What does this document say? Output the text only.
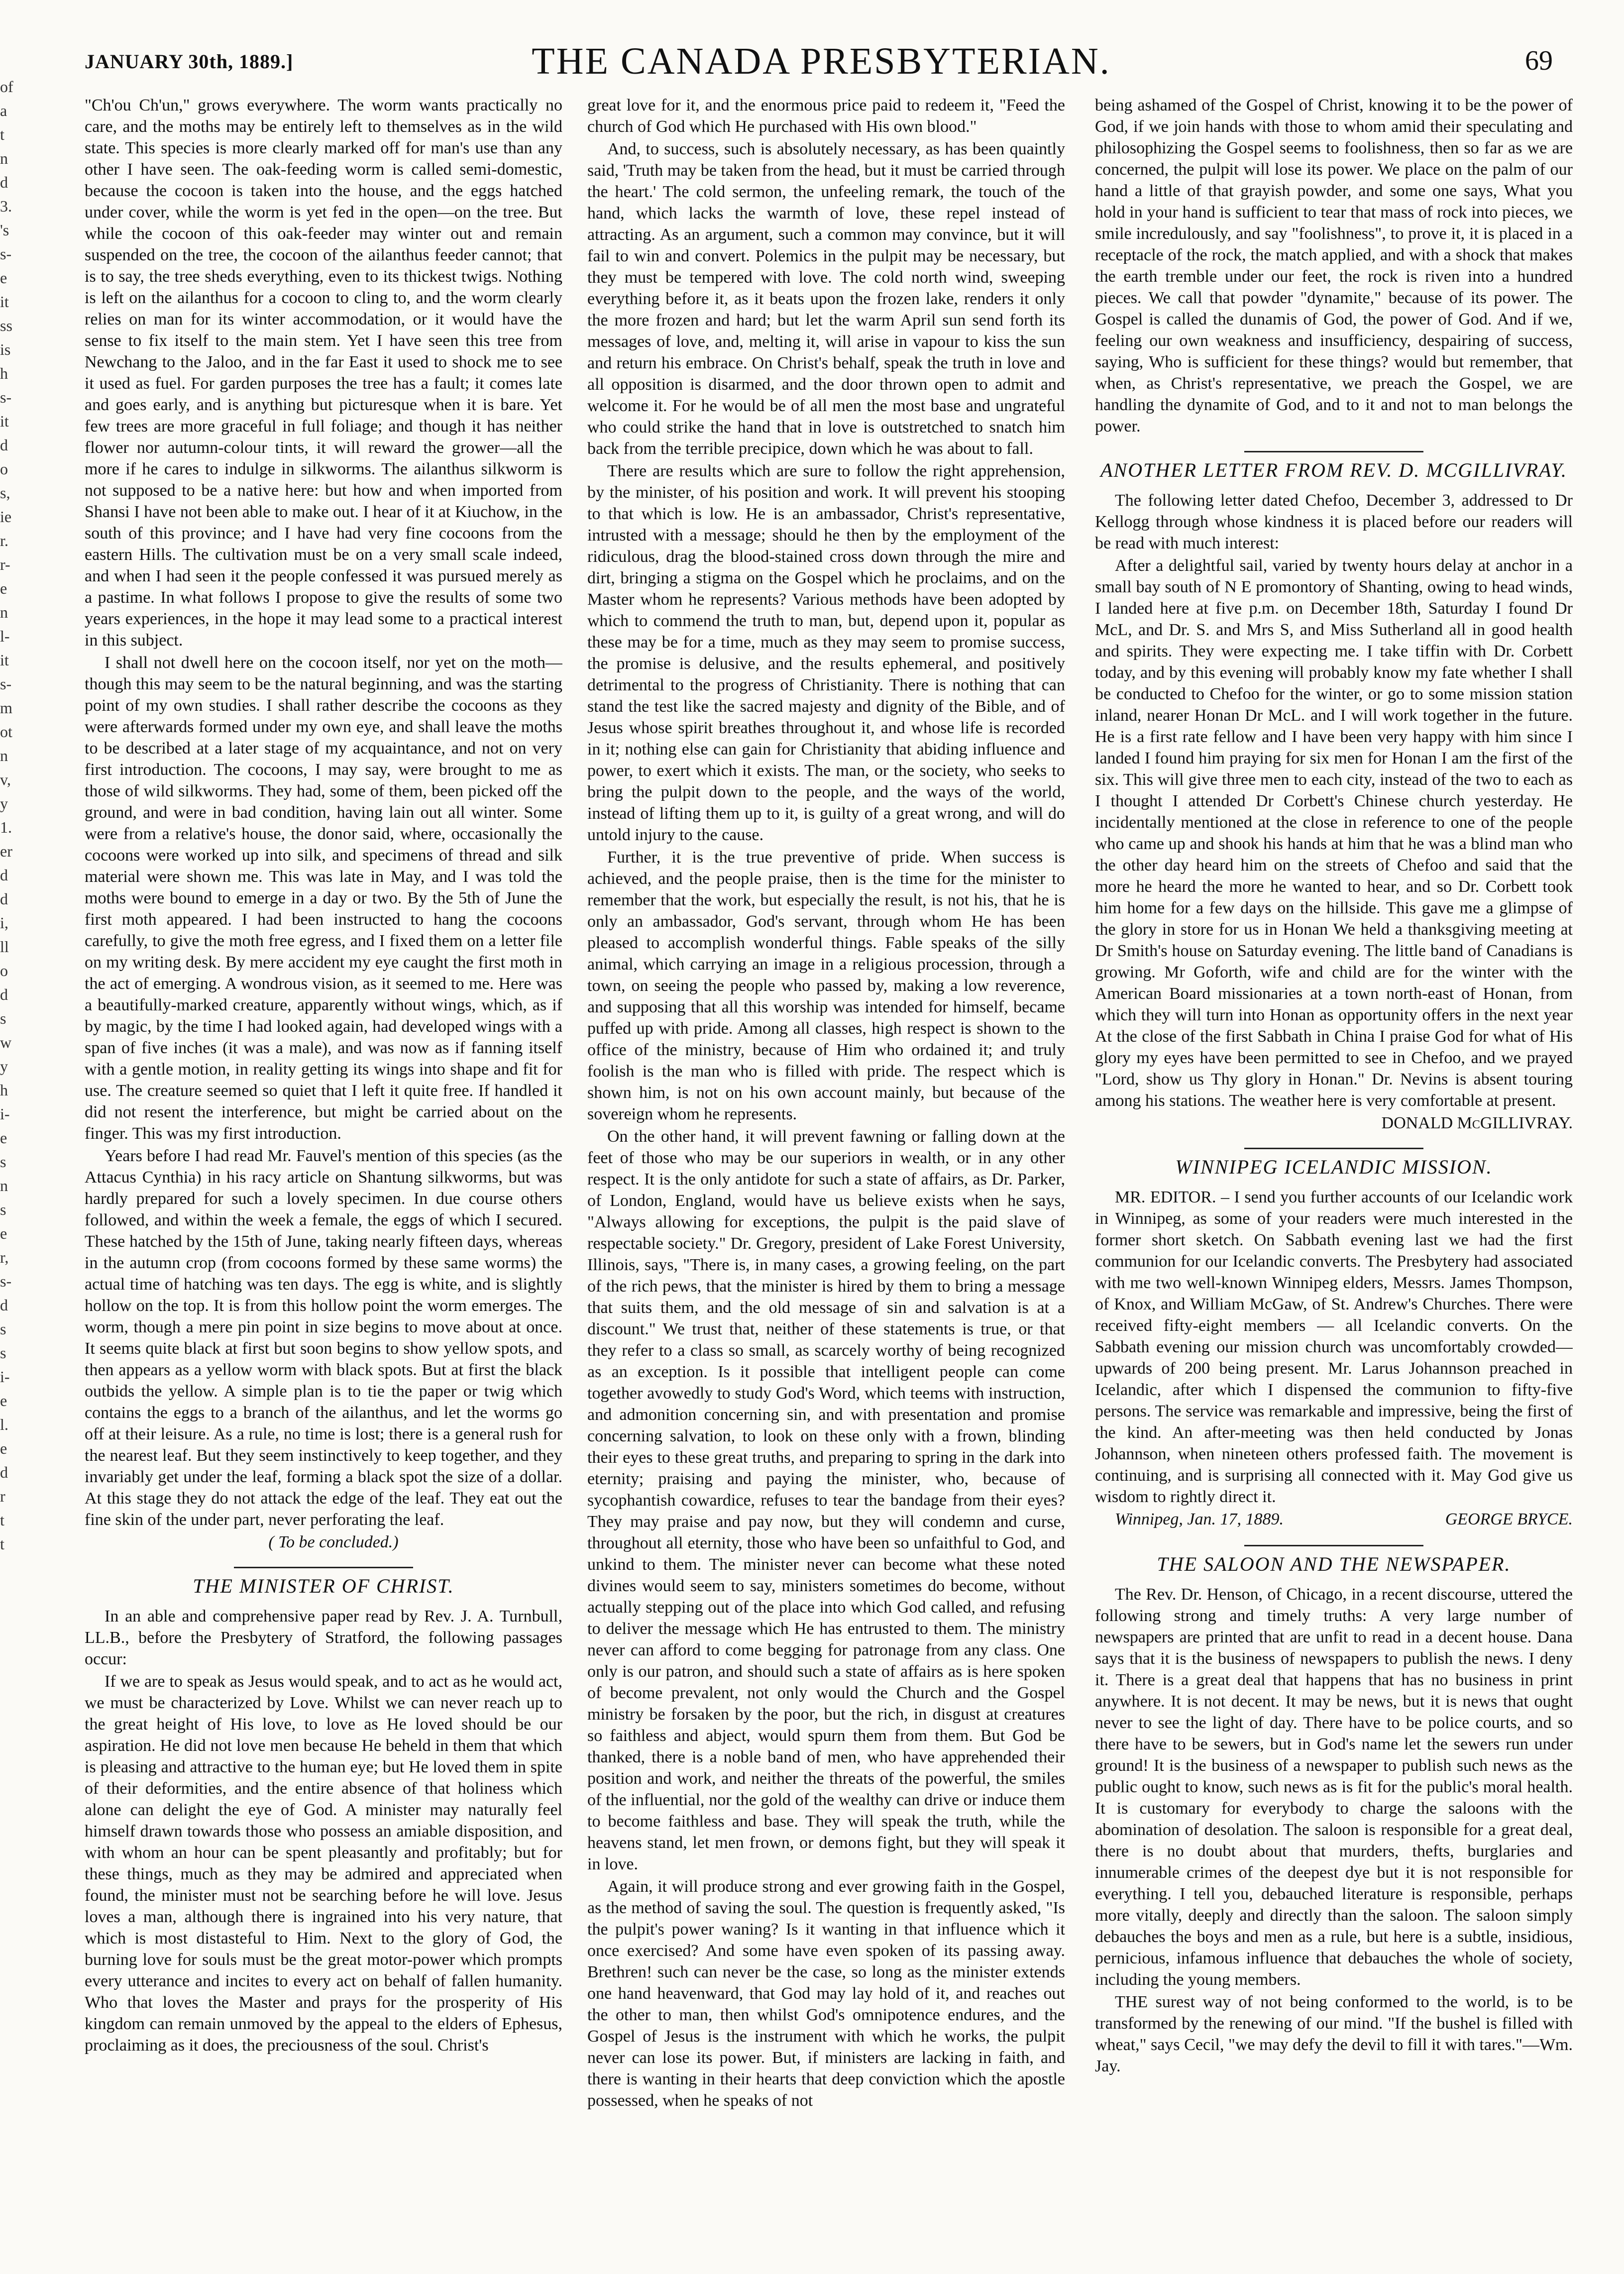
JANUARY 30th, 1889.]	THE CANADA PRESBYTERIAN.	69
of
a
t
n
d
3.
's
s-
e
it
ss
is
h
s-
it
d
o
s,
ie
r.
r-
e
n
l-
it
s-
m
ot
n
v,
y
1.
er
d
d
i,
ll
o
d
s
w
y
h
i-
e
s
n
s
e
r,
s-
d
s
s
i-
e
l.
e
d
r
t
t

"Ch'ou Ch'un," grows everywhere. The worm wants practically no care, and the moths may be entirely left to themselves as in the wild state. This species is more clearly marked off for man's use than any other I have seen. The oak-feeding worm is called semi-domestic, because the cocoon is taken into the house, and the eggs hatched under cover, while the worm is yet fed in the open—on the tree. But while the cocoon of this oak-feeder may winter out and remain suspended on the tree, the cocoon of the ailanthus feeder cannot; that is to say, the tree sheds everything, even to its thickest twigs. Nothing is left on the ailanthus for a cocoon to cling to, and the worm clearly relies on man for its winter accommodation, or it would have the sense to fix itself to the main stem. Yet I have seen this tree from Newchang to the Jaloo, and in the far East it used to shock me to see it used as fuel. For garden purposes the tree has a fault; it comes late and goes early, and is anything but picturesque when it is bare. Yet few trees are more graceful in full foliage; and though it has neither flower nor autumn-colour tints, it will reward the grower—all the more if he cares to indulge in silkworms. The ailanthus silkworm is not supposed to be a native here: but how and when imported from Shansi I have not been able to make out. I hear of it at Kiuchow, in the south of this province; and I have had very fine cocoons from the eastern Hills. The cultivation must be on a very small scale indeed, and when I had seen it the people confessed it was pursued merely as a pastime. In what follows I propose to give the results of some two years experiences, in the hope it may lead some to a practical interest in this subject.

I shall not dwell here on the cocoon itself, nor yet on the moth—though this may seem to be the natural beginning, and was the starting point of my own studies. I shall rather describe the cocoons as they were afterwards formed under my own eye, and shall leave the moths to be described at a later stage of my acquaintance, and not on very first introduction. The cocoons, I may say, were brought to me as those of wild silkworms. They had, some of them, been picked off the ground, and were in bad condition, having lain out all winter. Some were from a relative's house, the donor said, where, occasionally the cocoons were worked up into silk, and specimens of thread and silk material were shown me. This was late in May, and I was told the moths were bound to emerge in a day or two. By the 5th of June the first moth appeared. I had been instructed to hang the cocoons carefully, to give the moth free egress, and I fixed them on a letter file on my writing desk. By mere accident my eye caught the first moth in the act of emerging. A wondrous vision, as it seemed to me. Here was a beautifully-marked creature, apparently without wings, which, as if by magic, by the time I had looked again, had developed wings with a span of five inches (it was a male), and was now as if fanning itself with a gentle motion, in reality getting its wings into shape and fit for use. The creature seemed so quiet that I left it quite free. If handled it did not resent the interference, but might be carried about on the finger. This was my first introduction.

Years before I had read Mr. Fauvel's mention of this species (as the Attacus Cynthia) in his racy article on Shantung silkworms, but was hardly prepared for such a lovely specimen. In due course others followed, and within the week a female, the eggs of which I secured. These hatched by the 15th of June, taking nearly fifteen days, whereas in the autumn crop (from cocoons formed by these same worms) the actual time of hatching was ten days. The egg is white, and is slightly hollow on the top. It is from this hollow point the worm emerges. The worm, though a mere pin point in size begins to move about at once. It seems quite black at first but soon begins to show yellow spots, and then appears as a yellow worm with black spots. But at first the black outbids the yellow. A simple plan is to tie the paper or twig which contains the eggs to a branch of the ailanthus, and let the worms go off at their leisure. As a rule, no time is lost; there is a general rush for the nearest leaf. But they seem instinctively to keep together, and they invariably get under the leaf, forming a black spot the size of a dollar. At this stage they do not attack the edge of the leaf. They eat out the fine skin of the under part, never perforating the leaf.

( To be concluded.)

THE MINISTER OF CHRIST.

In an able and comprehensive paper read by Rev. J. A. Turnbull, LL.B., before the Presbytery of Stratford, the following passages occur:

If we are to speak as Jesus would speak, and to act as he would act, we must be characterized by Love. Whilst we can never reach up to the great height of His love, to love as He loved should be our aspiration. He did not love men because He beheld in them that which is pleasing and attractive to the human eye; but He loved them in spite of their deformities, and the entire absence of that holiness which alone can delight the eye of God. A minister may naturally feel himself drawn towards those who possess an amiable disposition, and with whom an hour can be spent pleasantly and profitably; but for these things, much as they may be admired and appreciated when found, the minister must not be searching before he will love. Jesus loves a man, although there is ingrained into his very nature, that which is most distasteful to Him. Next to the glory of God, the burning love for souls must be the great motor-power which prompts every utterance and incites to every act on behalf of fallen humanity. Who that loves the Master and prays for the prosperity of His kingdom can remain unmoved by the appeal to the elders of Ephesus, proclaiming as it does, the preciousness of the soul. Christ's

great love for it, and the enormous price paid to redeem it, "Feed the church of God which He purchased with His own blood."

And, to success, such is absolutely necessary, as has been quaintly said, 'Truth may be taken from the head, but it must be carried through the heart.' The cold sermon, the unfeeling remark, the touch of the hand, which lacks the warmth of love, these repel instead of attracting. As an argument, such a common may convince, but it will fail to win and convert. Polemics in the pulpit may be necessary, but they must be tempered with love. The cold north wind, sweeping everything before it, as it beats upon the frozen lake, renders it only the more frozen and hard; but let the warm April sun send forth its messages of love, and, melting it, will arise in vapour to kiss the sun and return his embrace. On Christ's behalf, speak the truth in love and all opposition is disarmed, and the door thrown open to admit and welcome it. For he would be of all men the most base and ungrateful who could strike the hand that in love is outstretched to snatch him back from the terrible precipice, down which he was about to fall.

There are results which are sure to follow the right apprehension, by the minister, of his position and work. It will prevent his stooping to that which is low. He is an ambassador, Christ's representative, intrusted with a message; should he then by the employment of the ridiculous, drag the blood-stained cross down through the mire and dirt, bringing a stigma on the Gospel which he proclaims, and on the Master whom he represents? Various methods have been adopted by which to commend the truth to man, but, depend upon it, popular as these may be for a time, much as they may seem to promise success, the promise is delusive, and the results ephemeral, and positively detrimental to the progress of Christianity. There is nothing that can stand the test like the sacred majesty and dignity of the Bible, and of Jesus whose spirit breathes throughout it, and whose life is recorded in it; nothing else can gain for Christianity that abiding influence and power, to exert which it exists. The man, or the society, who seeks to bring the pulpit down to the people, and the ways of the world, instead of lifting them up to it, is guilty of a great wrong, and will do untold injury to the cause.

Further, it is the true preventive of pride. When success is achieved, and the people praise, then is the time for the minister to remember that the work, but especially the result, is not his, that he is only an ambassador, God's servant, through whom He has been pleased to accomplish wonderful things. Fable speaks of the silly animal, which carrying an image in a religious procession, through a town, on seeing the people who passed by, making a low reverence, and supposing that all this worship was intended for himself, became puffed up with pride. Among all classes, high respect is shown to the office of the ministry, because of Him who ordained it; and truly foolish is the man who is filled with pride. The respect which is shown him, is not on his own account mainly, but because of the sovereign whom he represents.

On the other hand, it will prevent fawning or falling down at the feet of those who may be our superiors in wealth, or in any other respect. It is the only antidote for such a state of affairs, as Dr. Parker, of London, England, would have us believe exists when he says, "Always allowing for exceptions, the pulpit is the paid slave of respectable society." Dr. Gregory, president of Lake Forest University, Illinois, says, "There is, in many cases, a growing feeling, on the part of the rich pews, that the minister is hired by them to bring a message that suits them, and the old message of sin and salvation is at a discount." We trust that, neither of these statements is true, or that they refer to a class so small, as scarcely worthy of being recognized as an exception. Is it possible that intelligent people can come together avowedly to study God's Word, which teems with instruction, and admonition concerning sin, and with presentation and promise concerning salvation, to look on these only with a frown, blinding their eyes to these great truths, and preparing to spring in the dark into eternity; praising and paying the minister, who, because of sycophantish cowardice, refuses to tear the bandage from their eyes? They may praise and pay now, but they will condemn and curse, throughout all eternity, those who have been so unfaithful to God, and unkind to them. The minister never can become what these noted divines would seem to say, ministers sometimes do become, without actually stepping out of the place into which God called, and refusing to deliver the message which He has entrusted to them. The ministry never can afford to come begging for patronage from any class. One only is our patron, and should such a state of affairs as is here spoken of become prevalent, not only would the Church and the Gospel ministry be forsaken by the poor, but the rich, in disgust at creatures so faithless and abject, would spurn them from them. But God be thanked, there is a noble band of men, who have apprehended their position and work, and neither the threats of the powerful, the smiles of the influential, nor the gold of the wealthy can drive or induce them to become faithless and base. They will speak the truth, while the heavens stand, let men frown, or demons fight, but they will speak it in love.

Again, it will produce strong and ever growing faith in the Gospel, as the method of saving the soul. The question is frequently asked, "Is the pulpit's power waning? Is it wanting in that influence which it once exercised? And some have even spoken of its passing away. Brethren! such can never be the case, so long as the minister extends one hand heavenward, that God may lay hold of it, and reaches out the other to man, then whilst God's omnipotence endures, and the Gospel of Jesus is the instrument with which he works, the pulpit never can lose its power. But, if ministers are lacking in faith, and there is wanting in their hearts that deep conviction which the apostle possessed, when he speaks of not

being ashamed of the Gospel of Christ, knowing it to be the power of God, if we join hands with those to whom amid their speculating and philosophizing the Gospel seems to foolishness, then so far as we are concerned, the pulpit will lose its power. We place on the palm of our hand a little of that grayish powder, and some one says, What you hold in your hand is sufficient to tear that mass of rock into pieces, we smile incredulously, and say "foolishness", to prove it, it is placed in a receptacle of the rock, the match applied, and with a shock that makes the earth tremble under our feet, the rock is riven into a hundred pieces. We call that powder "dynamite," because of its power. The Gospel is called the dunamis of God, the power of God. And if we, feeling our own weakness and insufficiency, despairing of success, saying, Who is sufficient for these things? would but remember, that when, as Christ's representative, we preach the Gospel, we are handling the dynamite of God, and to it and not to man belongs the power.

ANOTHER LETTER FROM REV. D. MCGILLIVRAY.

The following letter dated Chefoo, December 3, addressed to Dr Kellogg through whose kindness it is placed before our readers will be read with much interest:

After a delightful sail, varied by twenty hours delay at anchor in a small bay south of N E promontory of Shanting, owing to head winds, I landed here at five p.m. on December 18th, Saturday I found Dr McL, and Dr. S. and Mrs S, and Miss Sutherland all in good health and spirits. They were expecting me. I take tiffin with Dr. Corbett today, and by this evening will probably know my fate whether I shall be conducted to Chefoo for the winter, or go to some mission station inland, nearer Honan Dr McL. and I will work together in the future. He is a first rate fellow and I have been very happy with him since I landed I found him praying for six men for Honan I am the first of the six. This will give three men to each city, instead of the two to each as I thought I attended Dr Corbett's Chinese church yesterday. He incidentally mentioned at the close in reference to one of the people who came up and shook his hands at him that he was a blind man who the other day heard him on the streets of Chefoo and said that the more he heard the more he wanted to hear, and so Dr. Corbett took him home for a few days on the hillside. This gave me a glimpse of the glory in store for us in Honan We held a thanksgiving meeting at Dr Smith's house on Saturday evening. The little band of Canadians is growing. Mr Goforth, wife and child are for the winter with the American Board missionaries at a town north-east of Honan, from which they will turn into Honan as opportunity offers in the next year At the close of the first Sabbath in China I praise God for what of His glory my eyes have been permitted to see in Chefoo, and we prayed "Lord, show us Thy glory in Honan." Dr. Nevins is absent touring among his stations. The weather here is very comfortable at present.

DONALD McGILLIVRAY.

WINNIPEG ICELANDIC MISSION.

MR. EDITOR. – I send you further accounts of our Icelandic work in Winnipeg, as some of your readers were much interested in the former short sketch. On Sabbath evening last we had the first communion for our Icelandic converts. The Presbytery had associated with me two well-known Winnipeg elders, Messrs. James Thompson, of Knox, and William McGaw, of St. Andrew's Churches. There were received fifty-eight members — all Icelandic converts. On the Sabbath evening our mission church was uncomfortably crowded—upwards of 200 being present. Mr. Larus Johannson preached in Icelandic, after which I dispensed the communion to fifty-five persons. The service was remarkable and impressive, being the first of the kind. An after-meeting was then held conducted by Jonas Johannson, when nineteen others professed faith. The movement is continuing, and is surprising all connected with it. May God give us wisdom to rightly direct it.

Winnipeg, Jan. 17, 1889.	GEORGE BRYCE.

THE SALOON AND THE NEWSPAPER.

The Rev. Dr. Henson, of Chicago, in a recent discourse, uttered the following strong and timely truths: A very large number of newspapers are printed that are unfit to read in a decent house. Dana says that it is the business of newspapers to publish the news. I deny it. There is a great deal that happens that has no business in print anywhere. It is not decent. It may be news, but it is news that ought never to see the light of day. There have to be police courts, and so there have to be sewers, but in God's name let the sewers run under ground! It is the business of a newspaper to publish such news as the public ought to know, such news as is fit for the public's moral health. It is customary for everybody to charge the saloons with the abomination of desolation. The saloon is responsible for a great deal, there is no doubt about that murders, thefts, burglaries and innumerable crimes of the deepest dye but it is not responsible for everything. I tell you, debauched literature is responsible, perhaps more vitally, deeply and directly than the saloon. The saloon simply debauches the boys and men as a rule, but here is a subtle, insidious, pernicious, infamous influence that debauches the whole of society, including the young members.

THE surest way of not being conformed to the world, is to be transformed by the renewing of our mind. "If the bushel is filled with wheat," says Cecil, "we may defy the devil to fill it with tares."—Wm. Jay.
